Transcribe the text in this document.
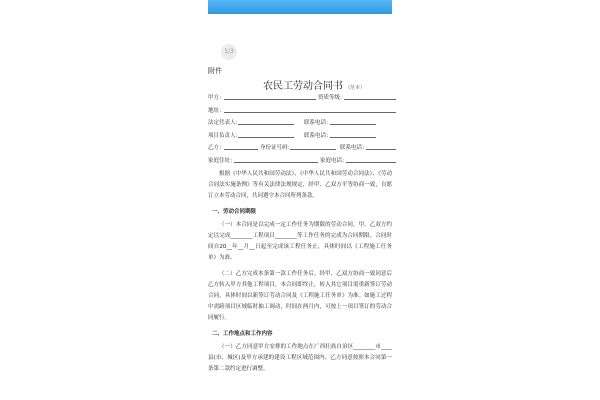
1/3
附件
农民工劳动合同书 （范本）
甲方：	资质等级：
地址：
法定代表人：	联系电话：
项目负责人：	联系电话：
乙方：	身份证号码：	联系电话：
家庭住址：	家庭电话：

根据《中华人民共和国劳动法》、《中华人民共和国劳动合同法》、《劳动合同法实施条例》等有关法律法规规定，经甲、乙双方平等协商一致，自愿订立本劳动合同，共同遵守本合同所列条款。

一、劳动合同期限

（一）本合同是以完成一定工作任务为期限的劳动合同。甲、乙双方约定以完成________工程项目________等工作任务的完成为合同期限。合同时间自20__年__月__日起至完成该工程任务止，具体时间以《工程施工任务单》为准。

（二）乙方完成本条第一款工作任务后。经甲、乙双方协商一致同意后乙方转入甲方其他工程项目，本合同即终止，转入其它项目需重新签订劳动合同，具体时间以新签订劳动合同及《工程施工任务单》为准。如施工过程中需跨项目区域临时抽工调动，时间在两月内，可按上一项目签订的劳动合同履行。

二、工作地点和工作内容

（一）乙方同意甲方安排的工作地点在广西壮族自治区________市____县(市、城区)及甲方承建的建设工程区域范围内。乙方同意按照本合同第一条第二款约定进行调整。
